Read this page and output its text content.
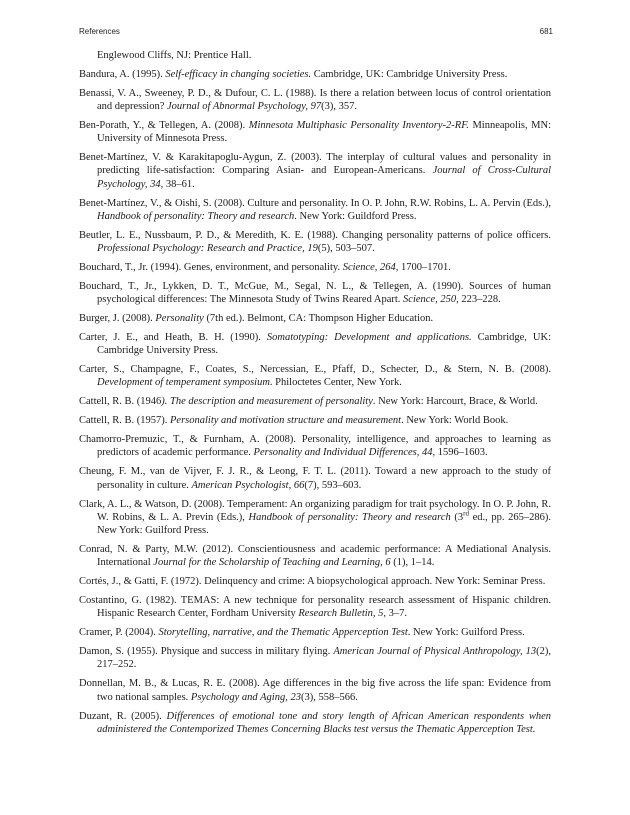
References	681

Englewood Cliffs, NJ: Prentice Hall.

Bandura, A. (1995). Self-efficacy in changing societies. Cambridge, UK: Cambridge University Press.

Benassi, V. A., Sweeney, P. D., & Dufour, C. L. (1988). Is there a relation between locus of control orientation and depression? Journal of Abnormal Psychology, 97(3), 357.

Ben-Porath, Y., & Tellegen, A. (2008). Minnesota Multiphasic Personality Inventory-2-RF. Minneapolis, MN: University of Minnesota Press.

Benet-Martínez, V. & Karakitapoglu-Aygun, Z. (2003). The interplay of cultural values and personality in predicting life-satisfaction: Comparing Asian- and European-Americans. Journal of Cross-Cultural Psychology, 34, 38–61.

Benet-Martínez, V., & Oishi, S. (2008). Culture and personality. In O. P. John, R.W. Robins, L. A. Pervin (Eds.), Handbook of personality: Theory and research. New York: Guildford Press.

Beutler, L. E., Nussbaum, P. D., & Meredith, K. E. (1988). Changing personality patterns of police officers. Professional Psychology: Research and Practice, 19(5), 503–507.

Bouchard, T., Jr. (1994). Genes, environment, and personality. Science, 264, 1700–1701.

Bouchard, T., Jr., Lykken, D. T., McGue, M., Segal, N. L., & Tellegen, A. (1990). Sources of human psychological differences: The Minnesota Study of Twins Reared Apart. Science, 250, 223–228.

Burger, J. (2008). Personality (7th ed.). Belmont, CA: Thompson Higher Education.

Carter, J. E., and Heath, B. H. (1990). Somatotyping: Development and applications. Cambridge, UK: Cambridge University Press.

Carter, S., Champagne, F., Coates, S., Nercessian, E., Pfaff, D., Schecter, D., & Stern, N. B. (2008). Development of temperament symposium. Philoctetes Center, New York.

Cattell, R. B. (1946). The description and measurement of personality. New York: Harcourt, Brace, & World.

Cattell, R. B. (1957). Personality and motivation structure and measurement. New York: World Book.

Chamorro-Premuzic, T., & Furnham, A. (2008). Personality, intelligence, and approaches to learning as predictors of academic performance. Personality and Individual Differences, 44, 1596–1603.

Cheung, F. M., van de Vijver, F. J. R., & Leong, F. T. L. (2011). Toward a new approach to the study of personality in culture. American Psychologist, 66(7), 593–603.

Clark, A. L., & Watson, D. (2008). Temperament: An organizing paradigm for trait psychology. In O. P. John, R. W. Robins, & L. A. Previn (Eds.), Handbook of personality: Theory and research (3rd ed., pp. 265–286). New York: Guilford Press.

Conrad, N. & Party, M.W. (2012). Conscientiousness and academic performance: A Mediational Analysis. International Journal for the Scholarship of Teaching and Learning, 6 (1), 1–14.

Cortés, J., & Gatti, F. (1972). Delinquency and crime: A biopsychological approach. New York: Seminar Press.

Costantino, G. (1982). TEMAS: A new technique for personality research assessment of Hispanic children. Hispanic Research Center, Fordham University Research Bulletin, 5, 3–7.

Cramer, P. (2004). Storytelling, narrative, and the Thematic Apperception Test. New York: Guilford Press.

Damon, S. (1955). Physique and success in military flying. American Journal of Physical Anthropology, 13(2), 217–252.

Donnellan, M. B., & Lucas, R. E. (2008). Age differences in the big five across the life span: Evidence from two national samples. Psychology and Aging, 23(3), 558–566.

Duzant, R. (2005). Differences of emotional tone and story length of African American respondents when administered the Contemporized Themes Concerning Blacks test versus the Thematic Apperception Test.
